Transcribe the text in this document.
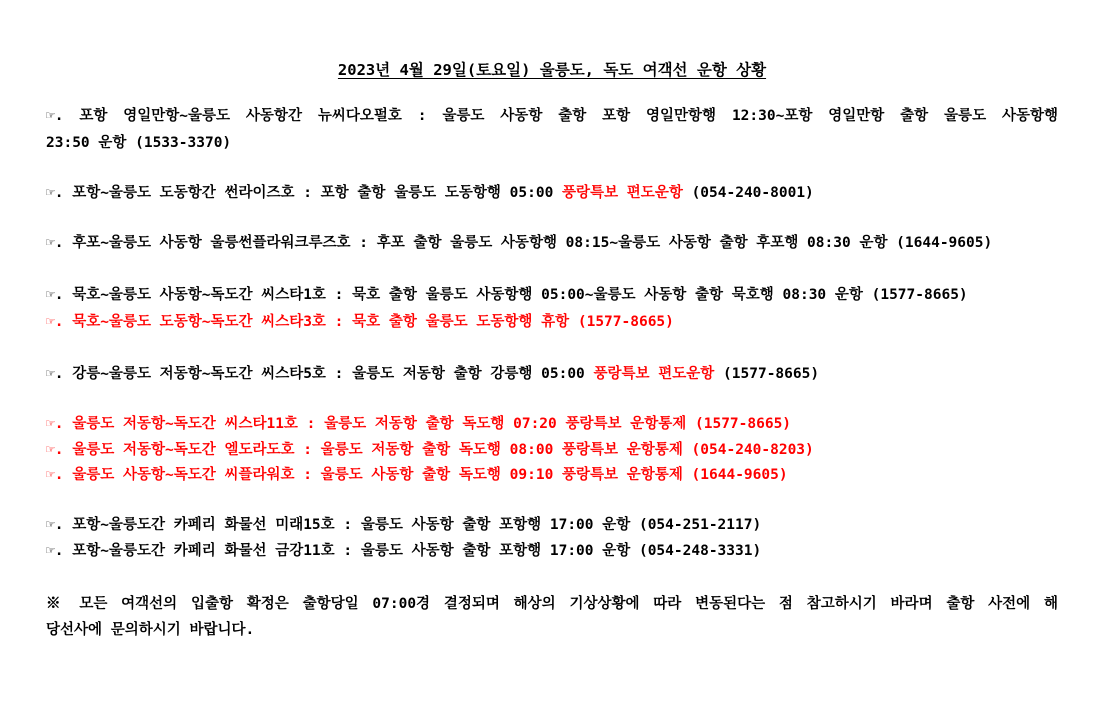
2023년 4월 29일(토요일) 울릉도, 독도 여객선 운항 상황
☞. 포항 영일만항~울릉도 사동항간 뉴씨다오펄호 : 울릉도 사동항 출항 포항 영일만항행 12:30~포항 영일만항 출항 울릉도 사동항행
23:50 운항 (1533-3370)
☞. 포항~울릉도 도동항간 썬라이즈호 : 포항 출항 울릉도 도동항행 05:00 풍랑특보 편도운항 (054-240-8001)
☞. 후포~울릉도 사동항 울릉썬플라워크루즈호 : 후포 출항 울릉도 사동항행 08:15~울릉도 사동항 출항 후포행 08:30 운항 (1644-9605)
☞. 묵호~울릉도 사동항~독도간 씨스타1호 : 묵호 출항 울릉도 사동항행 05:00~울릉도 사동항 출항 묵호행 08:30 운항 (1577-8665)
☞. 묵호~울릉도 도동항~독도간 씨스타3호 : 묵호 출항 울릉도 도동항행 휴항 (1577-8665)
☞. 강릉~울릉도 저동항~독도간 씨스타5호 : 울릉도 저동항 출항 강릉행 05:00 풍랑특보 편도운항 (1577-8665)
☞. 울릉도 저동항~독도간 씨스타11호 : 울릉도 저동항 출항 독도행 07:20 풍랑특보 운항통제 (1577-8665)
☞. 울릉도 저동항~독도간 엘도라도호 : 울릉도 저동항 출항 독도행 08:00 풍랑특보 운항통제 (054-240-8203)
☞. 울릉도 사동항~독도간 씨플라워호 : 울릉도 사동항 출항 독도행 09:10 풍랑특보 운항통제 (1644-9605)
☞. 포항~울릉도간 카페리 화물선 미래15호 : 울릉도 사동항 출항 포항행 17:00 운항 (054-251-2117)
☞. 포항~울릉도간 카페리 화물선 금강11호 : 울릉도 사동항 출항 포항행 17:00 운항 (054-248-3331)
※ 모든 여객선의 입출항 확정은 출항당일 07:00경 결정되며 해상의 기상상황에 따라 변동된다는 점 참고하시기 바라며 출항 사전에 해
당선사에 문의하시기 바랍니다.
